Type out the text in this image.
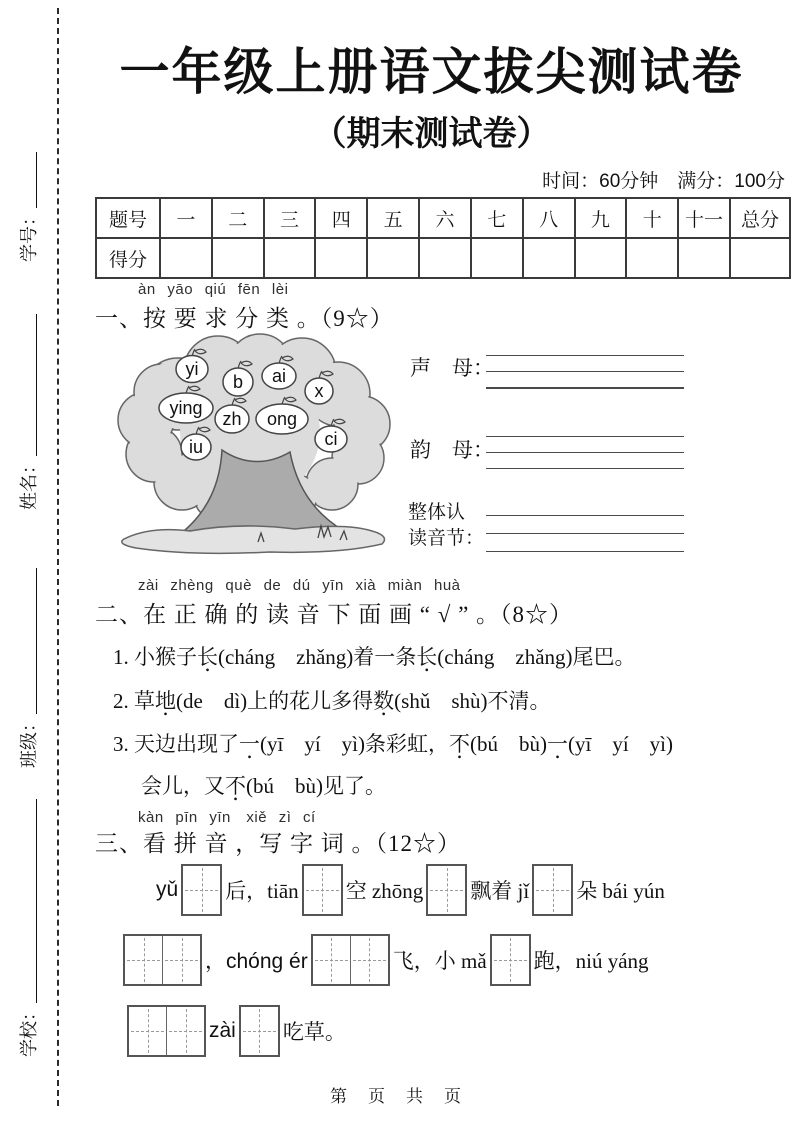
学号：
姓名：
班级：
学校：
一年级上册语文拔尖测试卷
（期末测试卷）
时间：60分钟　满分：100分
题号	一	二	三	四	五	六	七	八	九	十	十一	总分
得分												
àn yāo qiú fēn lèi
一、按 要 求 分 类 。（9☆）
yi
b ai
x
ying
zh ong
ci
iu
声　母：
韵　母：
整体认
读音节：
zài zhèng què de dú yīn xià miàn huà
二、在 正 确 的 读 音 下 面 画 “ √ ” 。（8☆）
1. 小猴子长(cháng　zhǎng)着一条长(cháng　zhǎng)尾巴。
2. 草地(de　dì)上的花儿多得数(shǔ　shù)不清。
3. 天边出现了一(yī　yí　yì)条彩虹，不(bú　bù)一(yī　yí　yì)
会儿，又不(bú　bù)见了。
kàn pīn yīn　xiě zì cí
三、看 拼 音 ，写 字 词 。（12☆）
yǔ 后，tiān 空 zhōng 飘着 jǐ 朵 bái yún
，chóng ér	飞，小 mǎ 跑，niú yáng
zài 吃草。
第　页　共　页
